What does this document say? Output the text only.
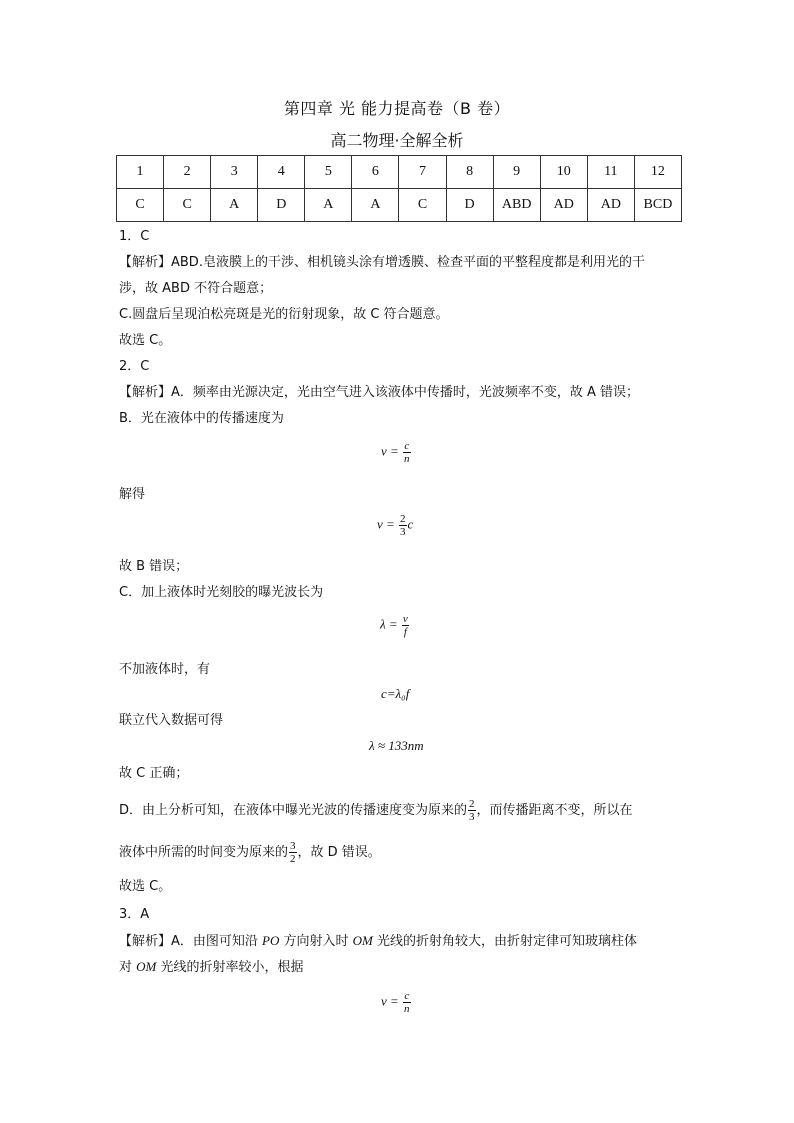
第四章 光 能力提高卷（B 卷）
高二物理·全解全析
1	2	3	4	5	6	7	8	9	10	11	12
C	C	A	D	A	A	C	D	ABD	AD	AD	BCD
1．C
【解析】ABD.皂液膜上的干涉、相机镜头涂有增透膜、检查平面的平整程度都是利用光的干
涉，故 ABD 不符合题意；
C.圆盘后呈现泊松亮斑是光的衍射现象，故 C 符合题意。
故选 C。
2．C
【解析】A．频率由光源决定，光由空气进入该液体中传播时，光波频率不变，故 A 错误；
B．光在液体中的传播速度为
$v = \frac{c}{n}$
解得
$v = \frac{2}{3}$ c
故 B 错误；
C．加上液体时光刻胶的曝光波长为
$\lambda = \frac{v}{f}$
不加液体时，有
c=λ₀f
联立代入数据可得
λ ≈ 133nm
故 C 正确；
D．由上分析可知，在液体中曝光光波的传播速度变为原来的 $\frac{2}{3}$ ，而传播距离不变，所以在
液体中所需的时间变为原来的 $\frac{3}{2}$ ，故 D 错误。
故选 C。
3．A
【解析】A．由图可知沿 PO 方向射入时 OM 光线的折射角较大，由折射定律可知玻璃柱体
对 OM 光线的折射率较小，根据
$v = \frac{c}{n}$
